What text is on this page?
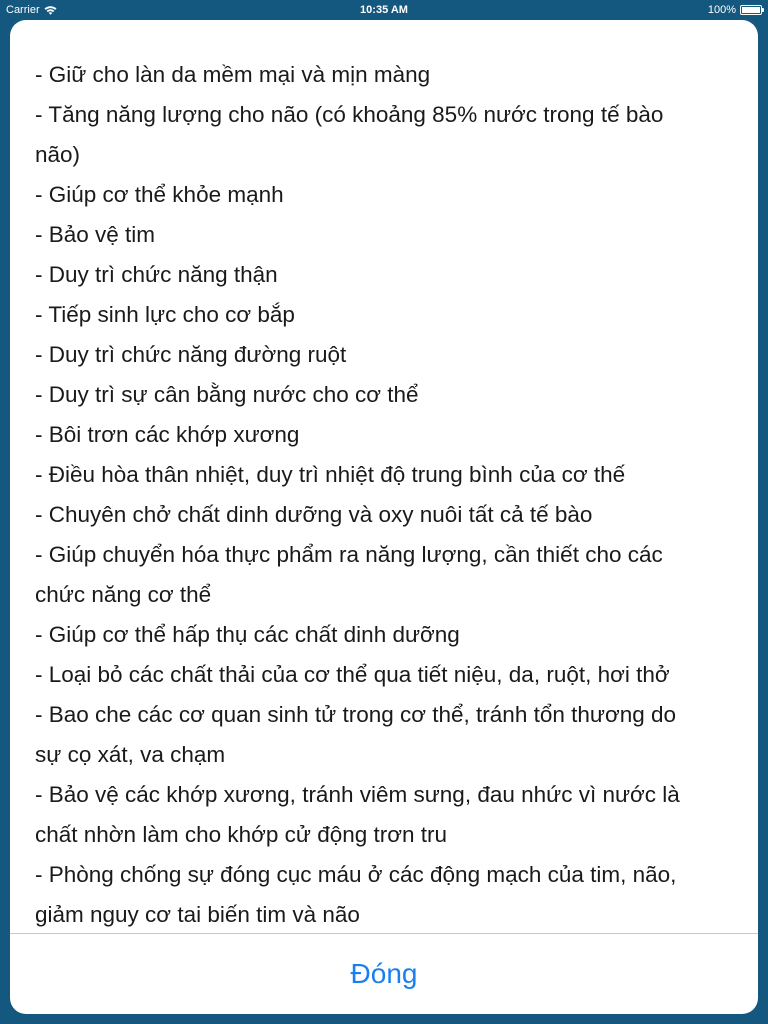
Carrier	10:35 AM	100%

- Giữ cho làn da mềm mại và mịn màng

- Tăng năng lượng cho não (có khoảng 85% nước trong tế bào

não)

- Giúp cơ thể khỏe mạnh

- Bảo vệ tim

- Duy trì chức năng thận

- Tiếp sinh lực cho cơ bắp

- Duy trì chức năng đường ruột

- Duy trì sự cân bằng nước cho cơ thể

- Bôi trơn các khớp xương

- Điều hòa thân nhiệt, duy trì nhiệt độ trung bình của cơ thế

- Chuyên chở chất dinh dưỡng và oxy nuôi tất cả tế bào

- Giúp chuyển hóa thực phẩm ra năng lượng, cần thiết cho các

chức năng cơ thể

- Giúp cơ thể hấp thụ các chất dinh dưỡng

- Loại bỏ các chất thải của cơ thể qua tiết niệu, da, ruột, hơi thở

- Bao che các cơ quan sinh tử trong cơ thể, tránh tổn thương do

sự cọ xát, va chạm

- Bảo vệ các khớp xương, tránh viêm sưng, đau nhức vì nước là

chất nhờn làm cho khớp cử động trơn tru

- Phòng chống sự đóng cục máu ở các động mạch của tim, não,

giảm nguy cơ tai biến tim và não

Đóng
